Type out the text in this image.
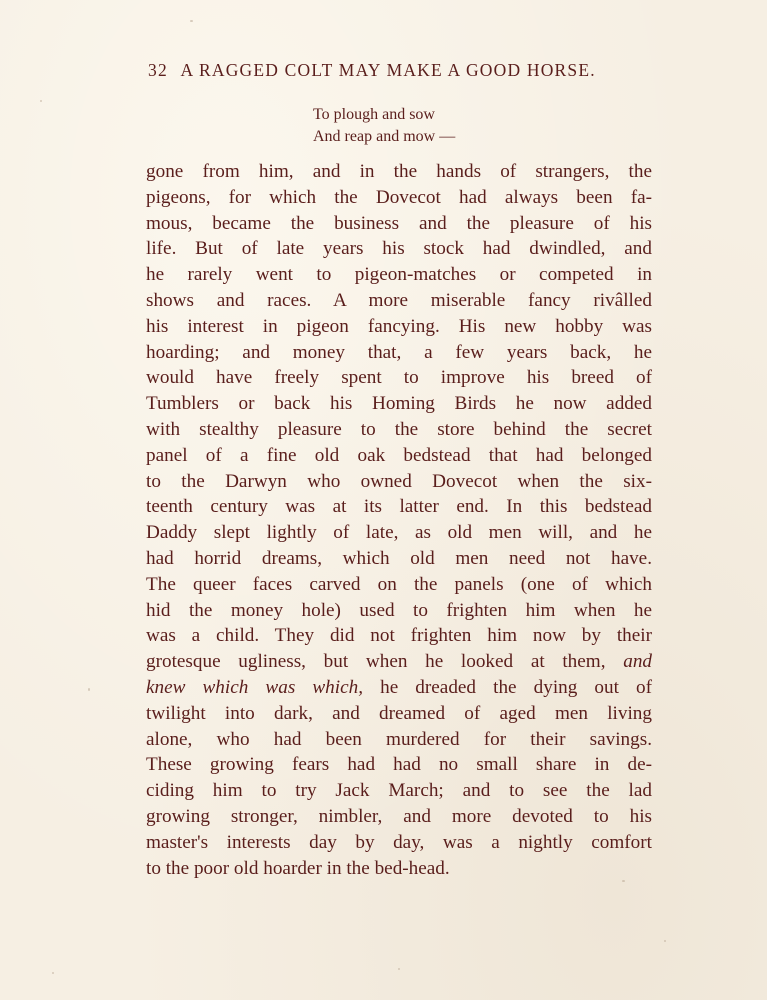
32 A RAGGED COLT MAY MAKE A GOOD HORSE.
To plough and sow
And reap and mow —
gone from him, and in the hands of strangers, the
pigeons, for which the Dovecot had always been fa-
mous, became the business and the pleasure of his
life. But of late years his stock had dwindled, and
he rarely went to pigeon-matches or competed in
shows and races. A more miserable fancy rivâlled
his interest in pigeon fancying. His new hobby was
hoarding; and money that, a few years back, he
would have freely spent to improve his breed of
Tumblers or back his Homing Birds he now added
with stealthy pleasure to the store behind the secret
panel of a fine old oak bedstead that had belonged
to the Darwyn who owned Dovecot when the six-
teenth century was at its latter end. In this bedstead
Daddy slept lightly of late, as old men will, and he
had horrid dreams, which old men need not have.
The queer faces carved on the panels (one of which
hid the money hole) used to frighten him when he
was a child. They did not frighten him now by their
grotesque ugliness, but when he looked at them, and
knew which was which, he dreaded the dying out of
twilight into dark, and dreamed of aged men living
alone, who had been murdered for their savings.
These growing fears had had no small share in de-
ciding him to try Jack March; and to see the lad
growing stronger, nimbler, and more devoted to his
master's interests day by day, was a nightly comfort
to the poor old hoarder in the bed-head.
